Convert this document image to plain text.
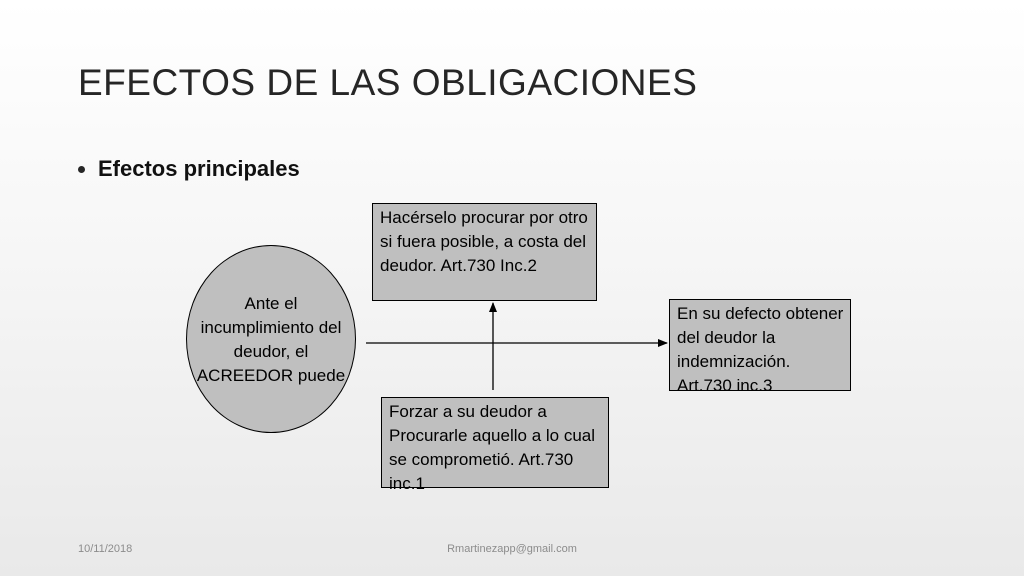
EFECTOS DE LAS OBLIGACIONES
Efectos principales
Ante el incumplimiento del deudor, el ACREEDOR puede
Hacérselo procurar por otro si fuera posible, a costa del deudor. Art.730 Inc.2
En su defecto obtener del deudor la indemnización. Art.730 inc.3
Forzar a su deudor a Procurarle aquello a lo cual se comprometió. Art.730 inc.1
10/11/2018	Rmartinezapp@gmail.com
